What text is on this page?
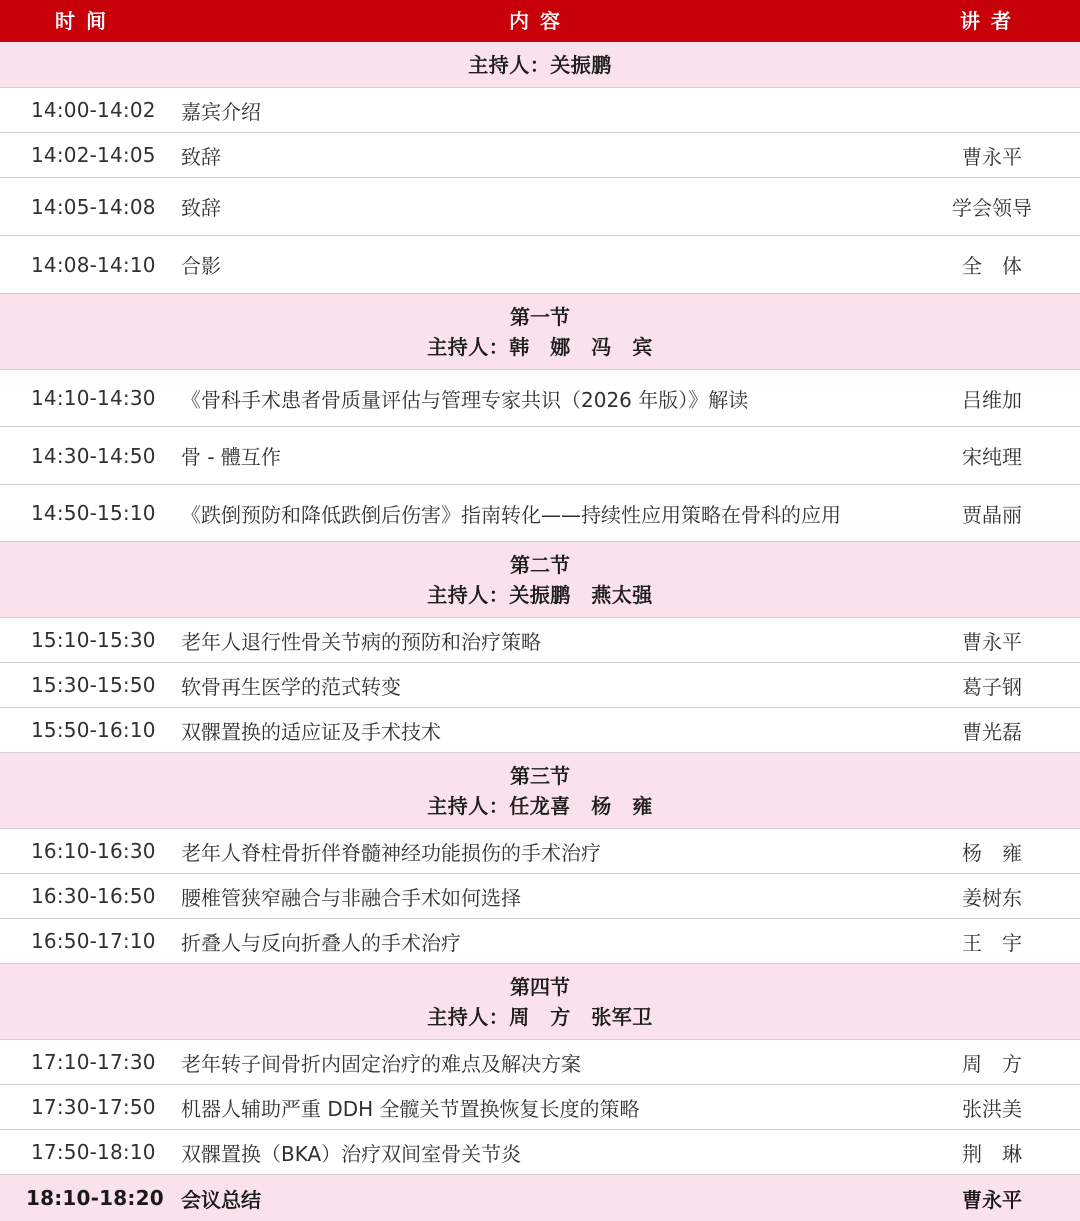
时 间	内 容	讲 者
主持人：关振鹏
14:00-14:02 嘉宾介绍
14:02-14:05 致辞	曹永平
14:05-14:08 致辞	学会领导
14:08-14:10 合影	全　体
第一节
主持人：韩　娜　冯　宾
14:10-14:30 《骨科手术患者骨质量评估与管理专家共识（2026 年版）》解读	吕维加
14:30-14:50 骨 - 體互作	宋纯理
14:50-15:10 《跌倒预防和降低跌倒后伤害》指南转化——持续性应用策略在骨科的应用	贾晶丽
第二节
主持人：关振鹏　燕太强
15:10-15:30 老年人退行性骨关节病的预防和治疗策略	曹永平
15:30-15:50 软骨再生医学的范式转变	葛子钢
15:50-16:10 双髁置换的适应证及手术技术	曹光磊
第三节
主持人：任龙喜　杨　雍
16:10-16:30 老年人脊柱骨折伴脊髓神经功能损伤的手术治疗	杨　雍
16:30-16:50 腰椎管狭窄融合与非融合手术如何选择	姜树东
16:50-17:10 折叠人与反向折叠人的手术治疗	王　宇
第四节
主持人：周　方　张军卫
17:10-17:30 老年转子间骨折内固定治疗的难点及解决方案	周　方
17:30-17:50 机器人辅助严重 DDH 全髋关节置换恢复长度的策略	张洪美
17:50-18:10 双髁置换（BKA）治疗双间室骨关节炎	荆　琳
18:10-18:20 会议总结	曹永平
